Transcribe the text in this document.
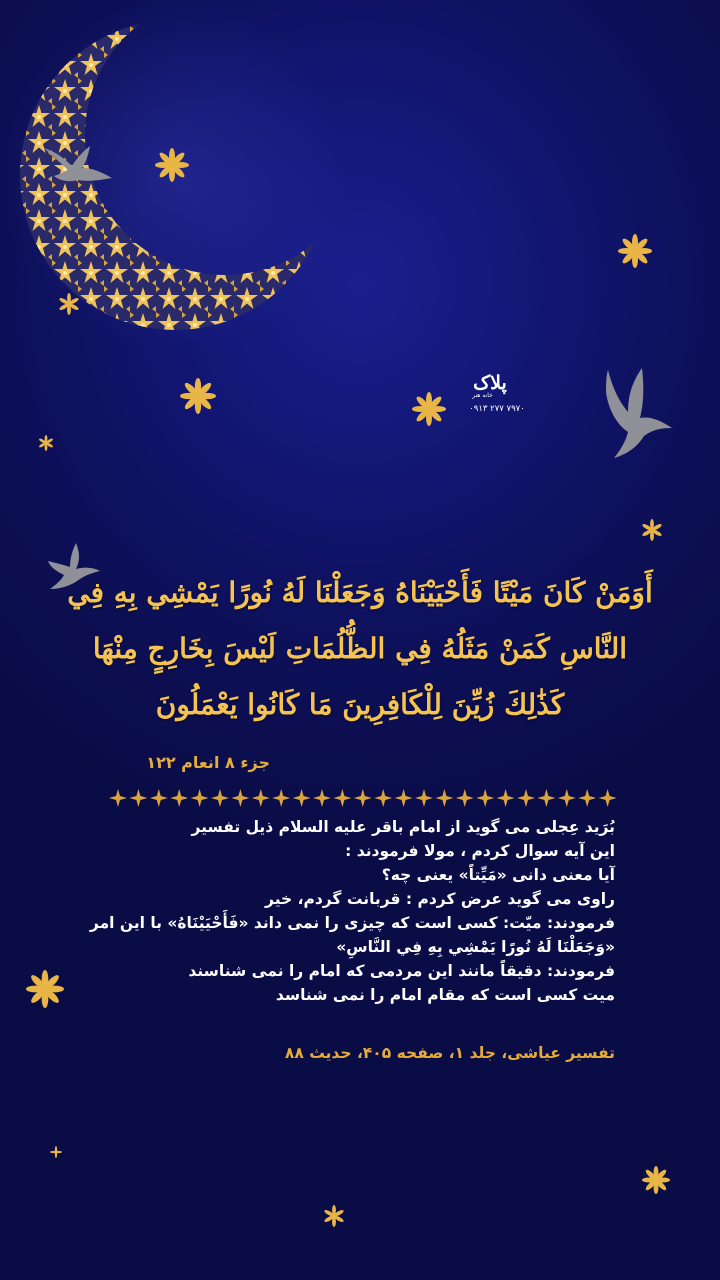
پلاک
خانه هنر
۰۹۱۳ ۲۷۷ ۷۹۷۰
أَوَمَنْ كَانَ مَيْتًا فَأَحْيَيْنَاهُ وَجَعَلْنَا لَهُ نُورًا يَمْشِي بِهِ فِي
النَّاسِ كَمَنْ مَثَلُهُ فِي الظُّلُمَاتِ لَيْسَ بِخَارِجٍ مِنْهَا
كَذَٰلِكَ زُيِّنَ لِلْكَافِرِينَ مَا كَانُوا يَعْمَلُونَ
جزء ۸ انعام ۱۲۲
بُرَید عِجلی می گوید از امام باقر علیه السلام ذیل تفسیر
این آیه سوال کردم ، مولا فرمودند :
آیا معنی دانی «مَیِّتاً» یعنی چه؟
راوی می گوید عرض کردم : قربانت گردم، خیر
فرمودند: میّت: کسی است که چیزی را نمی داند «فَأَحْيَيْنَاهُ» با این امر
«وَجَعَلْنَا لَهُ نُورًا يَمْشِي بِهِ فِي النَّاسِ»
فرمودند: دقیقاً مانند این مردمی که امام را نمی شناسند
میت کسی است که مقام امام را نمی شناسد
تفسیر عیاشی، جلد ۱، صفحه ۴۰۵، حدیث ۸۸
